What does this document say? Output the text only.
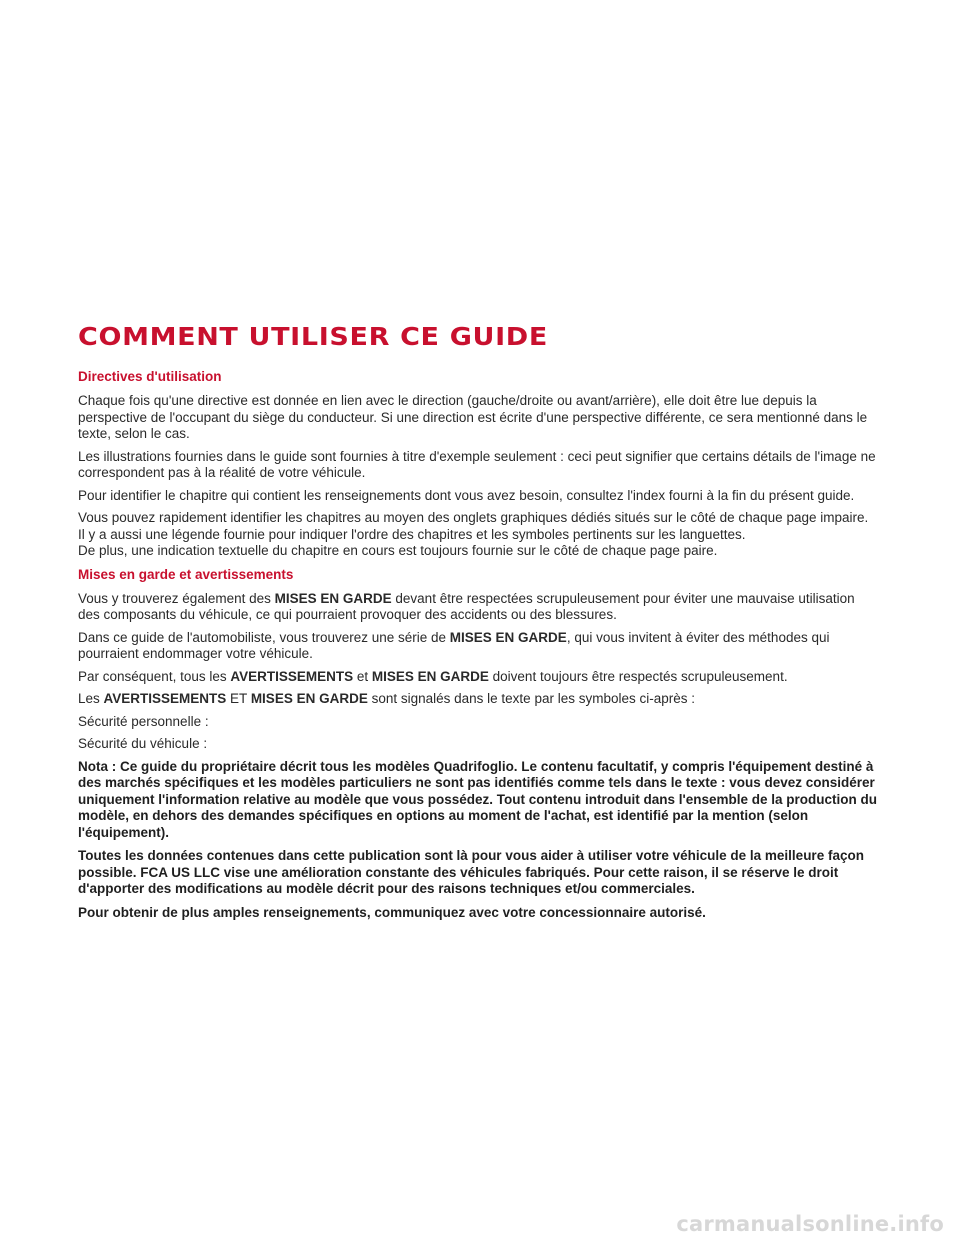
COMMENT UTILISER CE GUIDE
Directives d'utilisation

Chaque fois qu'une directive est donnée en lien avec le direction (gauche/droite ou avant/arrière), elle doit être lue depuis la perspective de l'occupant du siège du conducteur. Si une direction est écrite d'une perspective différente, ce sera mentionné dans le texte, selon le cas.

Les illustrations fournies dans le guide sont fournies à titre d'exemple seulement : ceci peut signifier que certains détails de l'image ne correspondent pas à la réalité de votre véhicule.

Pour identifier le chapitre qui contient les renseignements dont vous avez besoin, consultez l'index fourni à la fin du présent guide.

Vous pouvez rapidement identifier les chapitres au moyen des onglets graphiques dédiés situés sur le côté de chaque page impaire. Il y a aussi une légende fournie pour indiquer l'ordre des chapitres et les symboles pertinents sur les languettes.

De plus, une indication textuelle du chapitre en cours est toujours fournie sur le côté de chaque page paire.

Mises en garde et avertissements

Vous y trouverez également des MISES EN GARDE devant être respectées scrupuleusement pour éviter une mauvaise utilisation des composants du véhicule, ce qui pourraient provoquer des accidents ou des blessures.

Dans ce guide de l'automobiliste, vous trouverez une série de MISES EN GARDE, qui vous invitent à éviter des méthodes qui pourraient endommager votre véhicule.

Par conséquent, tous les AVERTISSEMENTS et MISES EN GARDE doivent toujours être respectés scrupuleusement.

Les AVERTISSEMENTS ET MISES EN GARDE sont signalés dans le texte par les symboles ci-après :

Sécurité personnelle :

Sécurité du véhicule :

Nota : Ce guide du propriétaire décrit tous les modèles Quadrifoglio. Le contenu facultatif, y compris l'équipement destiné à des marchés spécifiques et les modèles particuliers ne sont pas identifiés comme tels dans le texte : vous devez considérer uniquement l'information relative au modèle que vous possédez. Tout contenu introduit dans l'ensemble de la production du modèle, en dehors des demandes spécifiques en options au moment de l'achat, est identifié par la mention (selon l'équipement).

Toutes les données contenues dans cette publication sont là pour vous aider à utiliser votre véhicule de la meilleure façon possible. FCA US LLC vise une amélioration constante des véhicules fabriqués. Pour cette raison, il se réserve le droit d'apporter des modifications au modèle décrit pour des raisons techniques et/ou commerciales.

Pour obtenir de plus amples renseignements, communiquez avec votre concessionnaire autorisé.

carmanualsonline.info
